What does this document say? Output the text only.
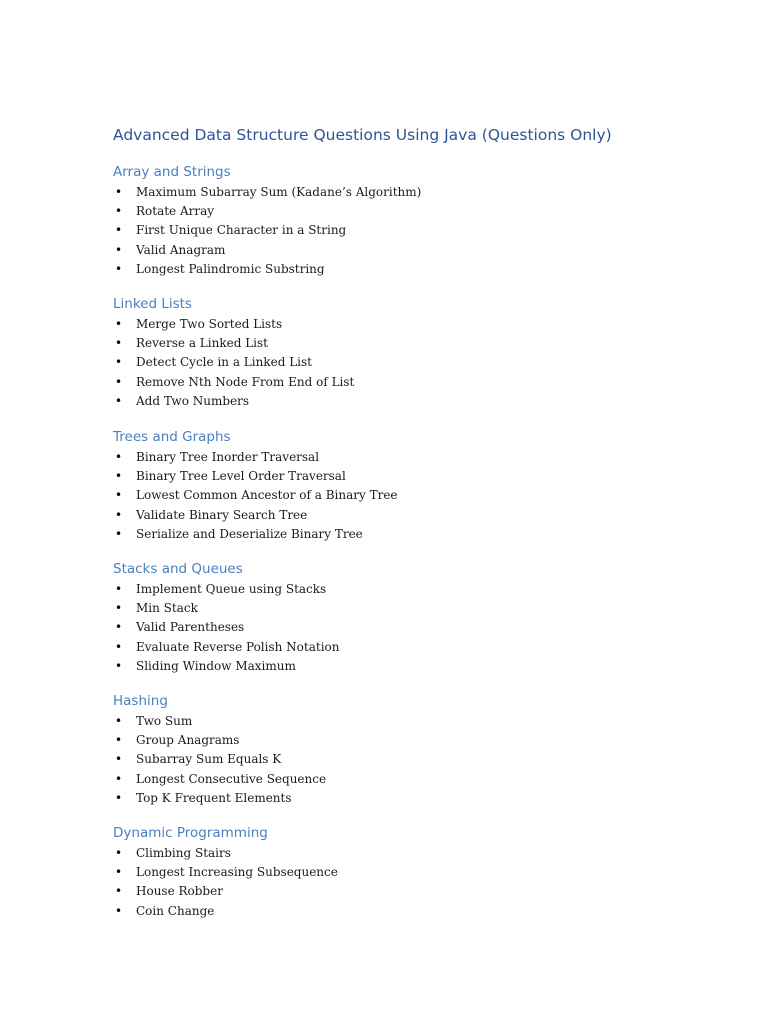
Advanced Data Structure Questions Using Java (Questions Only)
Array and Strings
• Maximum Subarray Sum (Kadane’s Algorithm)
• Rotate Array
• First Unique Character in a String
• Valid Anagram
• Longest Palindromic Substring
Linked Lists
• Merge Two Sorted Lists
• Reverse a Linked List
• Detect Cycle in a Linked List
• Remove Nth Node From End of List
• Add Two Numbers
Trees and Graphs
• Binary Tree Inorder Traversal
• Binary Tree Level Order Traversal
• Lowest Common Ancestor of a Binary Tree
• Validate Binary Search Tree
• Serialize and Deserialize Binary Tree
Stacks and Queues
• Implement Queue using Stacks
• Min Stack
• Valid Parentheses
• Evaluate Reverse Polish Notation
• Sliding Window Maximum
Hashing
• Two Sum
• Group Anagrams
• Subarray Sum Equals K
• Longest Consecutive Sequence
• Top K Frequent Elements
Dynamic Programming
• Climbing Stairs
• Longest Increasing Subsequence
• House Robber
• Coin Change
